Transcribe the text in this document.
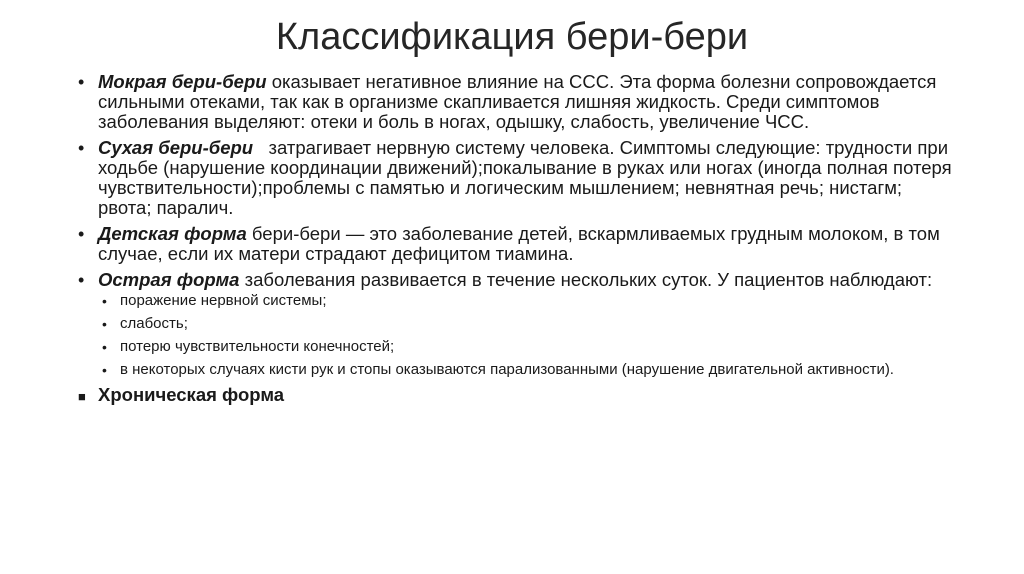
Классификация бери-бери
• Мокрая бери-бери оказывает негативное влияние на ССС. Эта форма болезни сопровождается сильными отеками, так как в организме скапливается лишняя жидкость. Среди симптомов заболевания выделяют: отеки и боль в ногах, одышку, слабость, увеличение ЧСС.
• Сухая бери-бери   затрагивает нервную систему человека. Симптомы следующие: трудности при ходьбе (нарушение координации движений);покалывание в руках или ногах (иногда полная потеря чувствительности);проблемы с памятью и логическим мышлением; невнятная речь; нистагм; рвота; паралич.
• Детская форма бери-бери — это заболевание детей, вскармливаемых грудным молоком, в том случае, если их матери страдают дефицитом тиамина.
• Острая форма заболевания развивается в течение нескольких суток. У пациентов наблюдают:
• поражение нервной системы;
• слабость;
• потерю чувствительности конечностей;
• в некоторых случаях кисти рук и стопы оказываются парализованными (нарушение двигательной активности).
■ Хроническая форма
